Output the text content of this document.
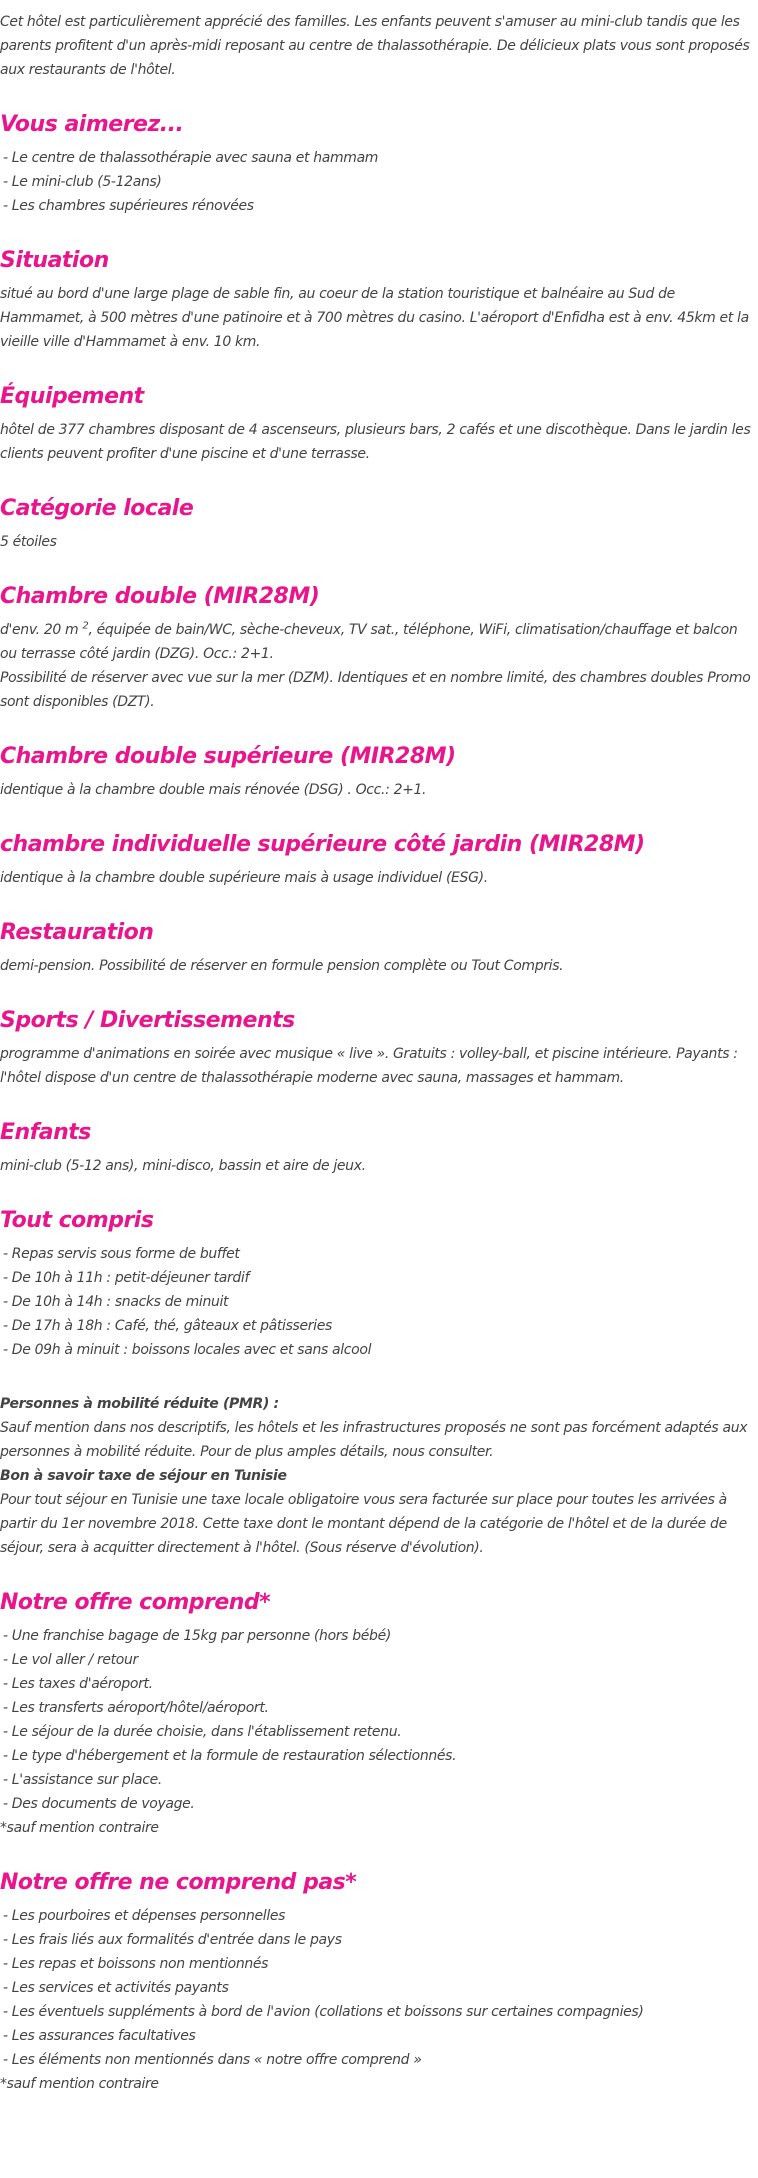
Cet hôtel est particulièrement apprécié des familles. Les enfants peuvent s'amuser au mini-club tandis que les parents profitent d'un après-midi reposant au centre de thalassothérapie. De délicieux plats vous sont proposés aux restaurants de l'hôtel.

Vous aimerez...
- Le centre de thalassothérapie avec sauna et hammam
- Le mini-club (5-12ans)
- Les chambres supérieures rénovées
Situation

situé au bord d'une large plage de sable fin, au coeur de la station touristique et balnéaire au Sud de Hammamet, à 500 mètres d'une patinoire et à 700 mètres du casino. L'aéroport d'Enfidha est à env. 45km et la vieille ville d'Hammamet à env. 10 km.

Équipement

hôtel de 377 chambres disposant de 4 ascenseurs, plusieurs bars, 2 cafés et une discothèque. Dans le jardin les clients peuvent profiter d'une piscine et d'une terrasse.

Catégorie locale

5 étoiles

Chambre double (MIR28M)

d'env. 20 m $^2$, équipée de bain/WC, sèche-cheveux, TV sat., téléphone, WiFi, climatisation/chauffage et balcon ou terrasse côté jardin (DZG). Occ.: 2+1.

Possibilité de réserver avec vue sur la mer (DZM). Identiques et en nombre limité, des chambres doubles Promo sont disponibles (DZT).

Chambre double supérieure (MIR28M)

identique à la chambre double mais rénovée (DSG) . Occ.: 2+1.

chambre individuelle supérieure côté jardin (MIR28M)

identique à la chambre double supérieure mais à usage individuel (ESG).

Restauration

demi-pension. Possibilité de réserver en formule pension complète ou Tout Compris.

Sports / Divertissements

programme d'animations en soirée avec musique « live ». Gratuits : volley-ball, et piscine intérieure. Payants : l'hôtel dispose d'un centre de thalassothérapie moderne avec sauna, massages et hammam.

Enfants

mini-club (5-12 ans), mini-disco, bassin et aire de jeux.

Tout compris
- Repas servis sous forme de buffet
- De 10h à 11h : petit-déjeuner tardif
- De 10h à 14h : snacks de minuit
- De 17h à 18h : Café, thé, gâteaux et pâtisseries
- De 09h à minuit : boissons locales avec et sans alcool

Personnes à mobilité réduite (PMR) :

Sauf mention dans nos descriptifs, les hôtels et les infrastructures proposés ne sont pas forcément adaptés aux personnes à mobilité réduite. Pour de plus amples détails, nous consulter.

Bon à savoir taxe de séjour en Tunisie

Pour tout séjour en Tunisie une taxe locale obligatoire vous sera facturée sur place pour toutes les arrivées à partir du 1er novembre 2018. Cette taxe dont le montant dépend de la catégorie de l'hôtel et de la durée de séjour, sera à acquitter directement à l'hôtel. (Sous réserve d'évolution).

Notre offre comprend*
- Une franchise bagage de 15kg par personne (hors bébé)
- Le vol aller / retour
- Les taxes d'aéroport.
- Les transferts aéroport/hôtel/aéroport.
- Le séjour de la durée choisie, dans l'établissement retenu.
- Le type d'hébergement et la formule de restauration sélectionnés.
- L'assistance sur place.
- Des documents de voyage.

*sauf mention contraire

Notre offre ne comprend pas*
- Les pourboires et dépenses personnelles
- Les frais liés aux formalités d'entrée dans le pays
- Les repas et boissons non mentionnés
- Les services et activités payants
- Les éventuels suppléments à bord de l'avion (collations et boissons sur certaines compagnies)
- Les assurances facultatives
- Les éléments non mentionnés dans « notre offre comprend »

*sauf mention contraire
